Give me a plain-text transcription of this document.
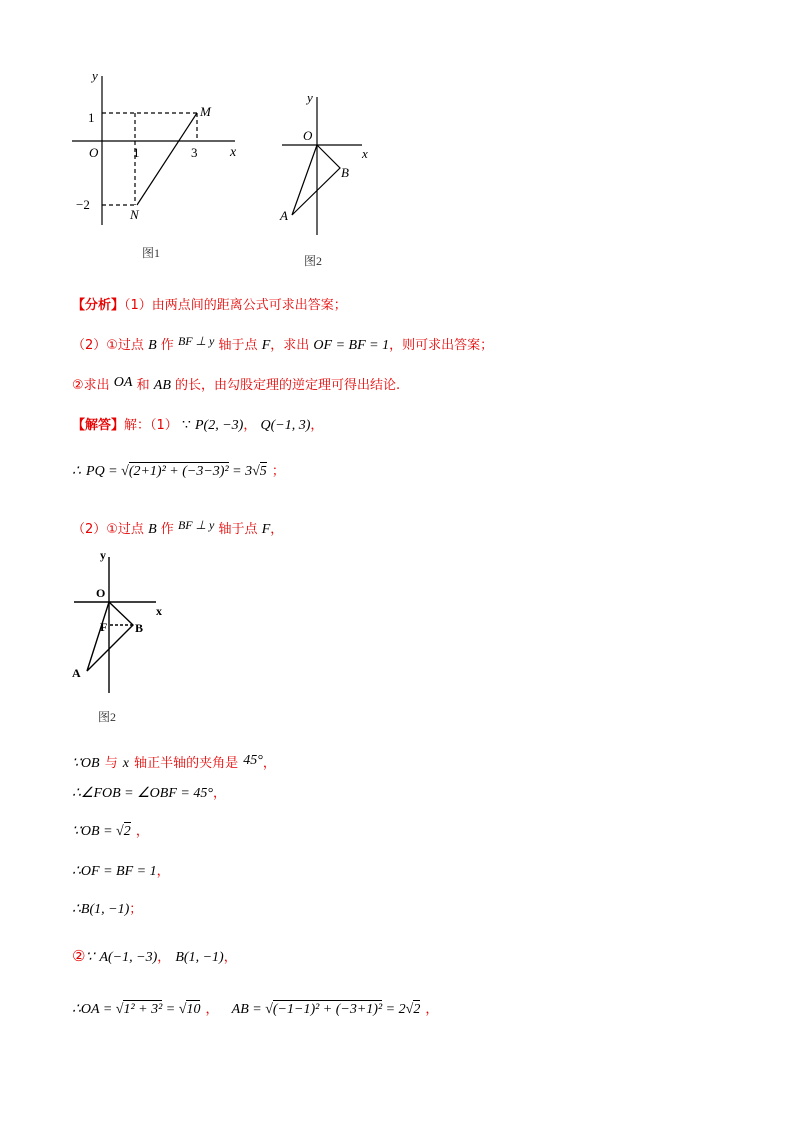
y
x
O
1
−2
1	3
M
N
图1
y
x
O
B
A
图2
【分析】（1）由两点间的距离公式可求出答案；
（2）①过点 B 作 BF ⊥ y 轴于点 F，求出 OF = BF = 1，则可求出答案；
②求出 OA 和 AB 的长，由勾股定理的逆定理可得出结论.
【解答】解：（1） ∵ P(2, −3)， Q(−1, 3)，
∴ PQ = √(2+1)² + (−3−3)² = 3√5 ；
（2）①过点 B 作 BF ⊥ y 轴于点 F，
y
x
O
F B
A
图2
∵OB 与 x 轴正半轴的夹角是 45°，
∴∠FOB = ∠OBF = 45°，
∵OB = √2 ，
∴OF = BF = 1，
∴B(1, −1)；
②∵ A(−1, −3)， B(1, −1)，
∴OA = √1² + 3² = √10 ， AB = √(−1−1)² + (−3+1)² = 2√2 ，
